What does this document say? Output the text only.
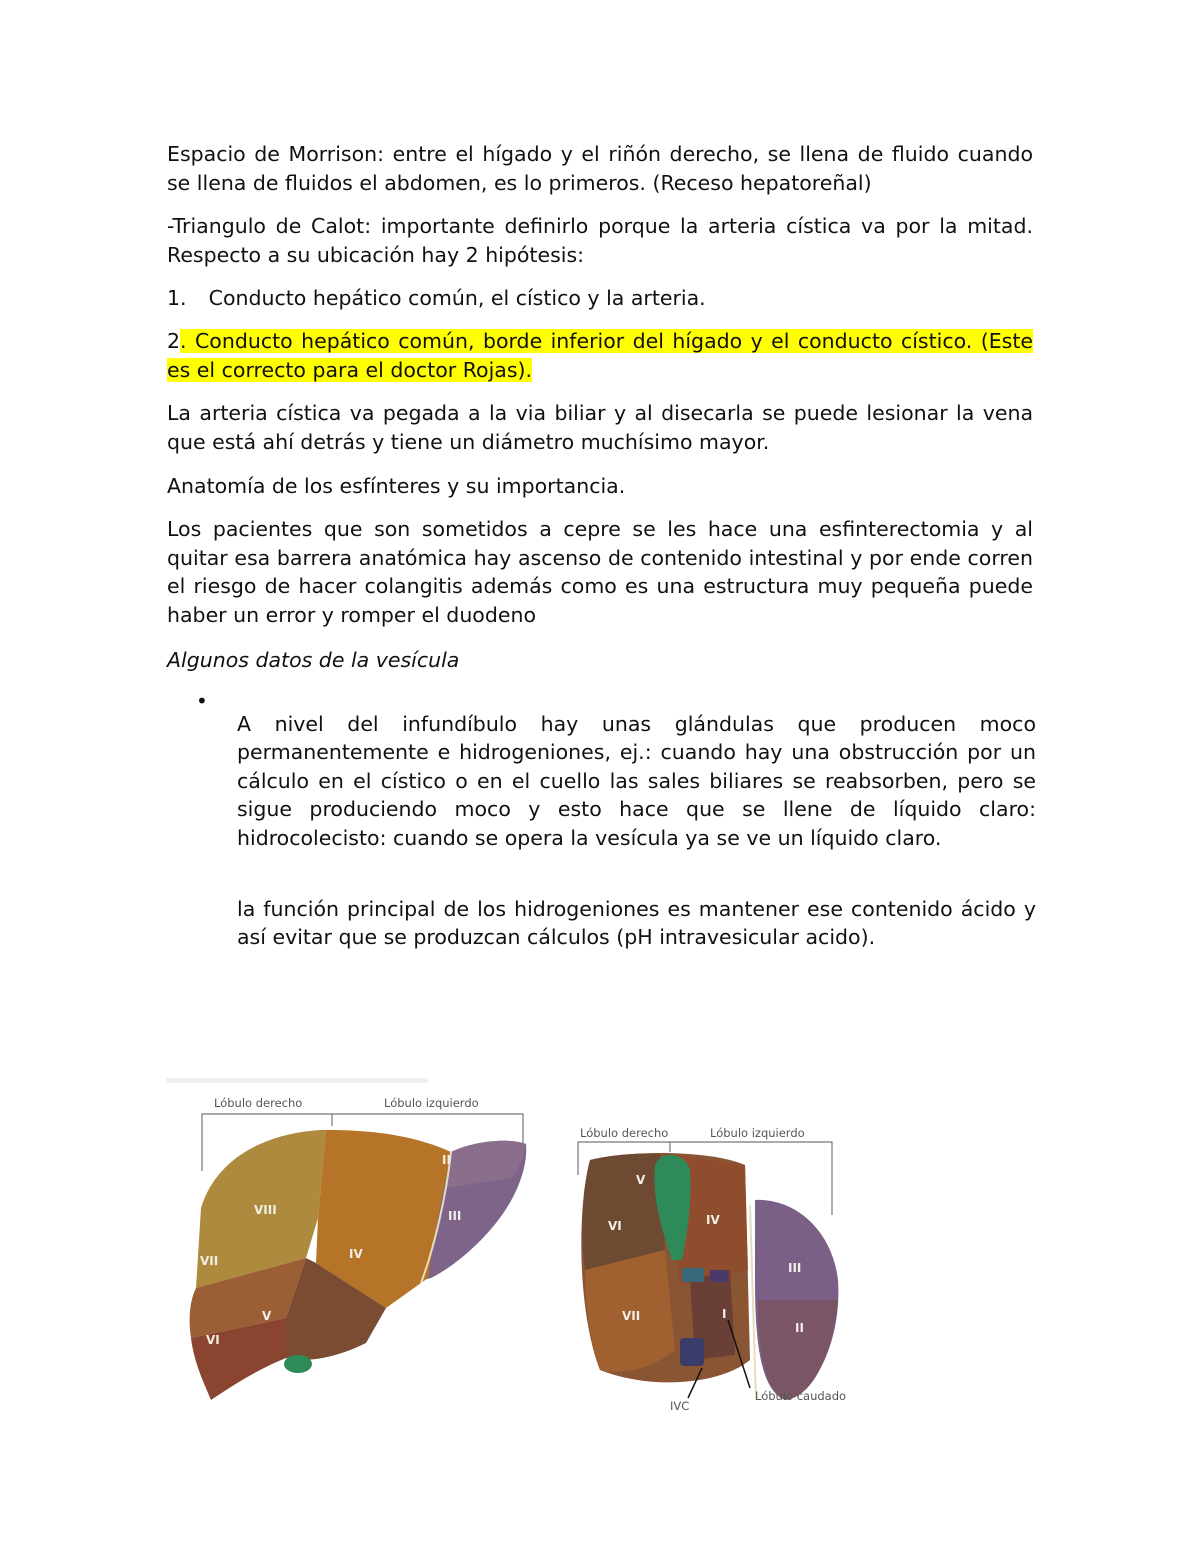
Espacio de Morrison: entre el hígado y el riñón derecho, se llena de fluido cuando se llena de fluidos el abdomen, es lo primeros. (Receso hepatoreñal)

-Triangulo de Calot: importante definirlo porque la arteria cística va por la mitad. Respecto a su ubicación hay 2 hipótesis:

1. Conducto hepático común, el cístico y la arteria.

2. Conducto hepático común, borde inferior del hígado y el conducto cístico. (Este es el correcto para el doctor Rojas).

La arteria cística va pegada a la via biliar y al disecarla se puede lesionar la vena que está ahí detrás y tiene un diámetro muchísimo mayor.

Anatomía de los esfínteres y su importancia.

Los pacientes que son sometidos a cepre se les hace una esfinterectomia y al quitar esa barrera anatómica hay ascenso de contenido intestinal y por ende corren el riesgo de hacer colangitis además como es una estructura muy pequeña puede haber un error y romper el duodeno

Algunos datos de la vesícula

•

A nivel del infundíbulo hay unas glándulas que producen moco permanentemente e hidrogeniones, ej.: cuando hay una obstrucción por un cálculo en el cístico o en el cuello las sales biliares se reabsorben, pero se sigue produciendo moco y esto hace que se llene de líquido claro: hidrocolecisto: cuando se opera la vesícula ya se ve un líquido claro.

la función principal de los hidrogeniones es mantener ese contenido ácido y así evitar que se produzcan cálculos (pH intravesicular acido).

Lóbulo derecho	Lóbulo izquierdo
II
III
IV
V
VI
VII
VIII
Lóbulo derecho	Lóbulo izquierdo
I
II
III
IV
V
VI
VII
IVC
Lóbulo caudado
